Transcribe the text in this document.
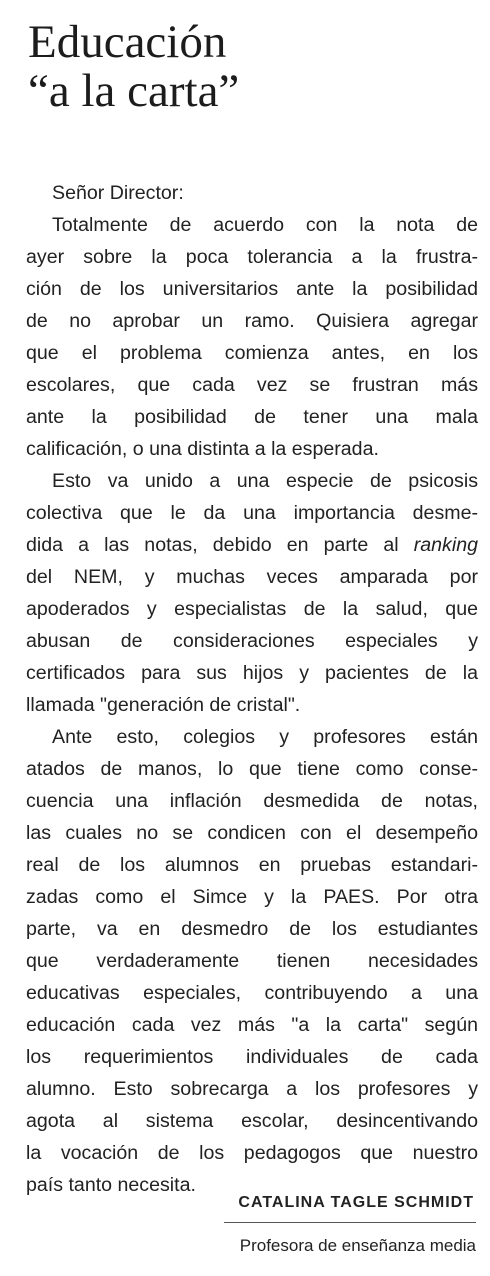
Educación
“a la carta”
Señor Director:
Totalmente de acuerdo con la nota de
ayer sobre la poca tolerancia a la frustra-
ción de los universitarios ante la posibilidad
de no aprobar un ramo. Quisiera agregar
que el problema comienza antes, en los
escolares, que cada vez se frustran más
ante la posibilidad de tener una mala
calificación, o una distinta a la esperada.
Esto va unido a una especie de psicosis
colectiva que le da una importancia desme-
dida a las notas, debido en parte al ranking
del NEM, y muchas veces amparada por
apoderados y especialistas de la salud, que
abusan de consideraciones especiales y
certificados para sus hijos y pacientes de la
llamada "generación de cristal".
Ante esto, colegios y profesores están
atados de manos, lo que tiene como conse-
cuencia una inflación desmedida de notas,
las cuales no se condicen con el desempeño
real de los alumnos en pruebas estandari-
zadas como el Simce y la PAES. Por otra
parte, va en desmedro de los estudiantes
que verdaderamente tienen necesidades
educativas especiales, contribuyendo a una
educación cada vez más "a la carta" según
los requerimientos individuales de cada
alumno. Esto sobrecarga a los profesores y
agota al sistema escolar, desincentivando
la vocación de los pedagogos que nuestro
país tanto necesita.
CATALINA TAGLE SCHMIDT
Profesora de enseñanza media
